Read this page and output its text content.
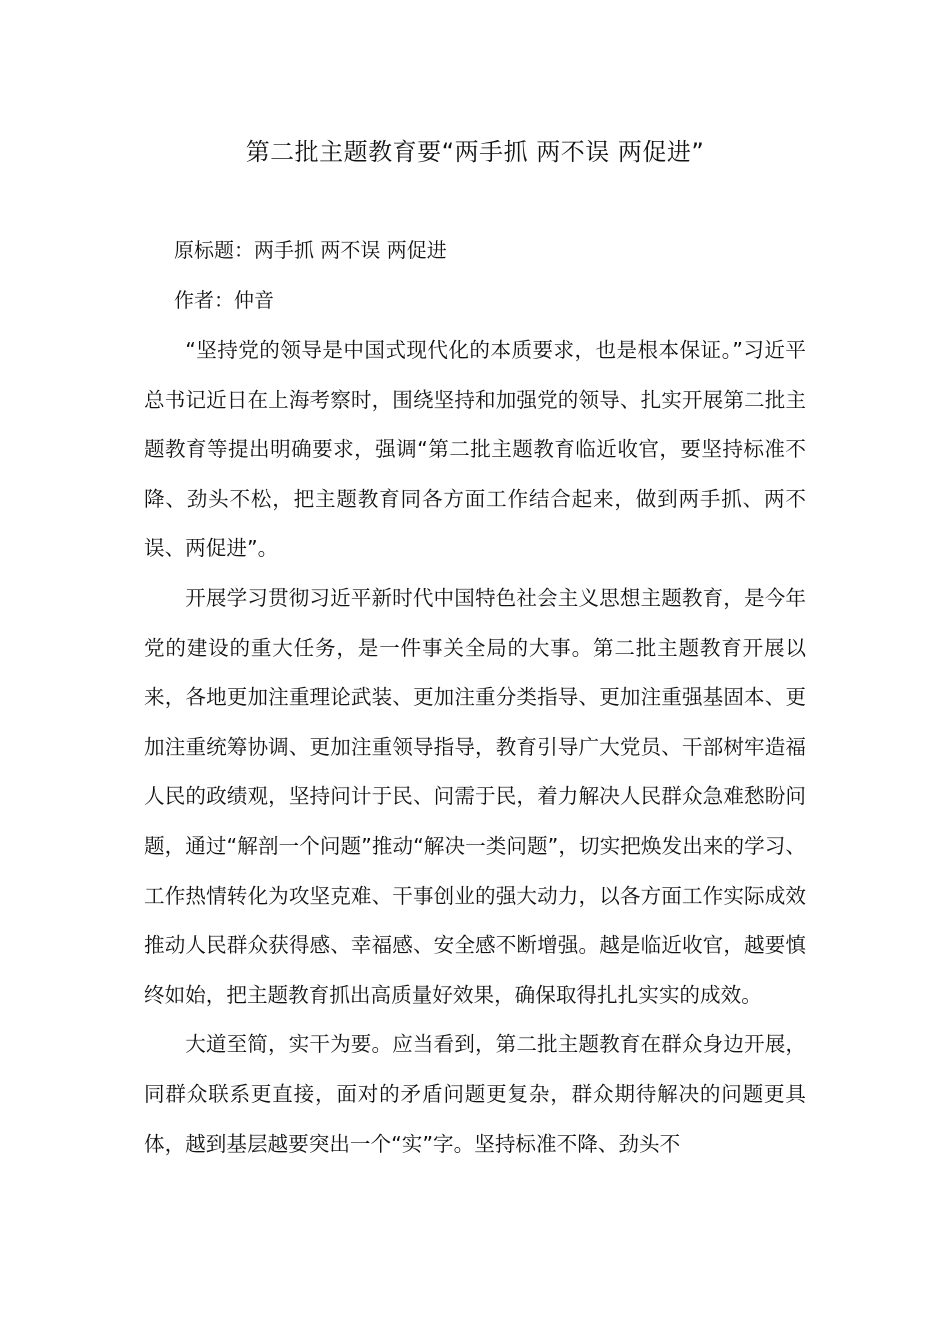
第二批主题教育要“两手抓 两不误 两促进”
原标题：两手抓 两不误 两促进
作者：仲音

“坚持党的领导是中国式现代化的本质要求，也是根本保证。”习近平总书记近日在上海考察时，围绕坚持和加强党的领导、扎实开展第二批主题教育等提出明确要求，强调“第二批主题教育临近收官，要坚持标准不降、劲头不松，把主题教育同各方面工作结合起来，做到两手抓、两不误、两促进”。

开展学习贯彻习近平新时代中国特色社会主义思想主题教育，是今年党的建设的重大任务，是一件事关全局的大事。第二批主题教育开展以来，各地更加注重理论武装、更加注重分类指导、更加注重强基固本、更加注重统筹协调、更加注重领导指导，教育引导广大党员、干部树牢造福人民的政绩观，坚持问计于民、问需于民，着力解决人民群众急难愁盼问题，通过“解剖一个问题”推动“解决一类问题”，切实把焕发出来的学习、工作热情转化为攻坚克难、干事创业的强大动力，以各方面工作实际成效推动人民群众获得感、幸福感、安全感不断增强。越是临近收官，越要慎终如始，把主题教育抓出高质量好效果，确保取得扎扎实实的成效。

大道至简，实干为要。应当看到，第二批主题教育在群众身边开展，同群众联系更直接，面对的矛盾问题更复杂，群众期待解决的问题更具体，越到基层越要突出一个“实”字。坚持标准不降、劲头不
